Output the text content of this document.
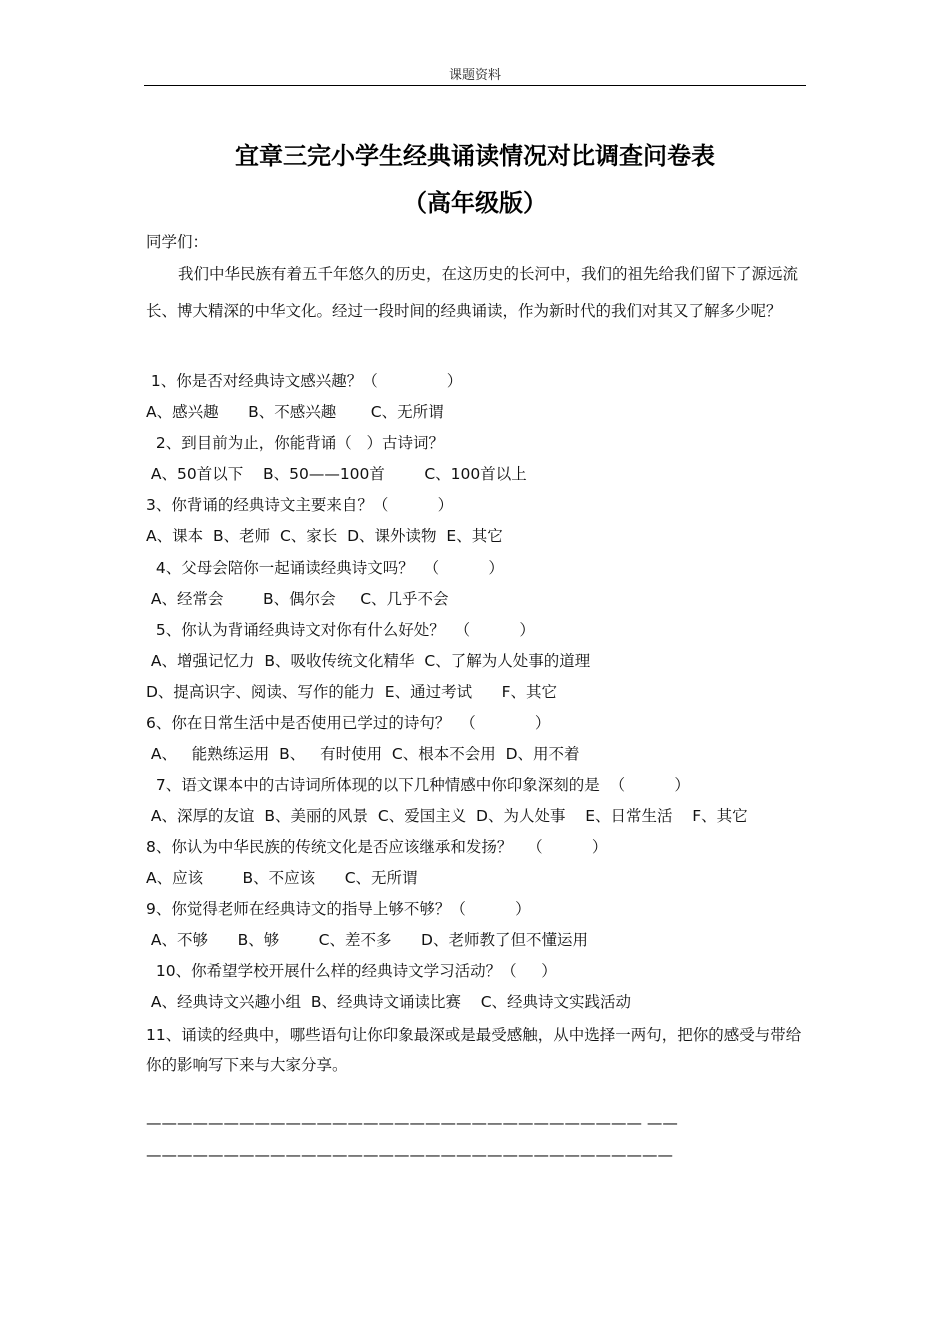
课题资料
宜章三完小学生经典诵读情况对比调查问卷表
（高年级版）
同学们：
我们中华民族有着五千年悠久的历史，在这历史的长河中，我们的祖先给我们留下了源远流长、博大精深的中华文化。经过一段时间的经典诵读，作为新时代的我们对其又了解多少呢？
1、你是否对经典诗文感兴趣？（              ）
A、感兴趣      B、不感兴趣       C、无所谓
2、到目前为止，你能背诵（   ）古诗词？
A、50首以下    B、50——100首        C、100首以上
3、你背诵的经典诗文主要来自？（          ）
A、课本  B、老师  C、家长  D、课外读物  E、其它
4、父母会陪你一起诵读经典诗文吗？  （          ）
A、经常会        B、偶尔会     C、几乎不会
5、你认为背诵经典诗文对你有什么好处？  （          ）
A、增强记忆力  B、吸收传统文化精华  C、了解为人处事的道理
D、提高识字、阅读、写作的能力  E、通过考试      F、其它
6、你在日常生活中是否使用已学过的诗句？  （            ）
A、   能熟练运用  B、   有时使用  C、根本不会用  D、用不着
7、语文课本中的古诗词所体现的以下几种情感中你印象深刻的是  （          ）
A、深厚的友谊  B、美丽的风景  C、爱国主义  D、为人处事    E、日常生活    F、其它
8、你认为中华民族的传统文化是否应该继承和发扬？   （          ）
A、应该        B、不应该      C、无所谓
9、你觉得老师在经典诗文的指导上够不够？（          ）
A、不够      B、够        C、差不多      D、老师教了但不懂运用
10、你希望学校开展什么样的经典诗文学习活动？（     ）
A、经典诗文兴趣小组  B、经典诗文诵读比赛    C、经典诗文实践活动
11、诵读的经典中，哪些语句让你印象最深或是最受感触，从中选择一两句，把你的感受与带给你的影响写下来与大家分享。
———————————————————————————————— ——
——————————————————————————————————
